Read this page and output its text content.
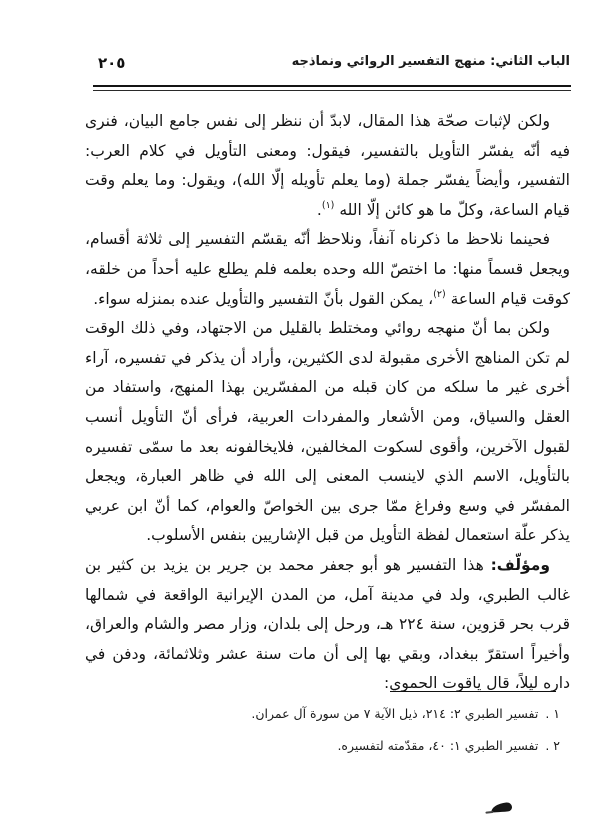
الباب الثاني: منهج التفسير الروائي ونماذجه
٢٠٥

ولكن لإثبات صحّة هذا المقال، لابدّ أن ننظر إلى نفس جامع البيان، فنرى فيه أنّه يفسّر التأويل بالتفسير، فيقول: ومعنى التأويل في كلام العرب: التفسير، وأيضاً يفسّر جملة (وما يعلم تأويله إلّا الله)، ويقول: وما يعلم وقت قيام الساعة، وكلّ ما هو كائن إلّا الله $^{(١)}$.

فحينما نلاحظ ما ذكرناه آنفاً، ونلاحظ أنّه يقسّم التفسير إلى ثلاثة أقسام، ويجعل قسماً منها: ما اختصّ الله وحده بعلمه فلم يطلع عليه أحداً من خلقه، كوقت قيام الساعة $^{(٢)}$، يمكن القول بأنّ التفسير والتأويل عنده بمنزله سواء.

ولكن بما أنّ منهجه روائي ومختلط بالقليل من الاجتهاد، وفي ذلك الوقت لم تكن المناهج الأخرى مقبولة لدى الكثيرين، وأراد أن يذكر في تفسيره، آراء أخرى غير ما سلكه من كان قبله من المفسّرين بهذا المنهج، واستفاد من العقل والسياق، ومن الأشعار والمفردات العربية، فرأى أنّ التأويل أنسب لقبول الآخرين، وأقوى لسكوت المخالفين، فلايخالفونه بعد ما سمّى تفسيره بالتأويل، الاسم الذي لاينسب المعنى إلى الله في ظاهر العبارة، ويجعل المفسّر في وسع وفراغ ممّا جرى بين الخواصّ والعوام، كما أنّ ابن عربي يذكر علّة استعمال لفظة التأويل من قبل الإشاريين بنفس الأسلوب.

ومؤلّف: هذا التفسير هو أبو جعفر محمد بن جرير بن يزيد بن كثير بن غالب الطبري، ولد في مدينة آمل، من المدن الإيرانية الواقعة في شمالها قرب بحر قزوين، سنة ٢٢٤ هـ، ورحل إلى بلدان، وزار مصر والشام والعراق، وأخيراً استقرّ ببغداد، وبقي بها إلى أن مات سنة عشر وثلاثمائة، ودفن في داره ليلاً، قال ياقوت الحموي:

١ .تفسير الطبري ٢: ٢١٤، ذيل الآية ٧ من سورة آل عمران.
٢ .تفسير الطبري ١: ٤٠، مقدّمته لتفسيره.
